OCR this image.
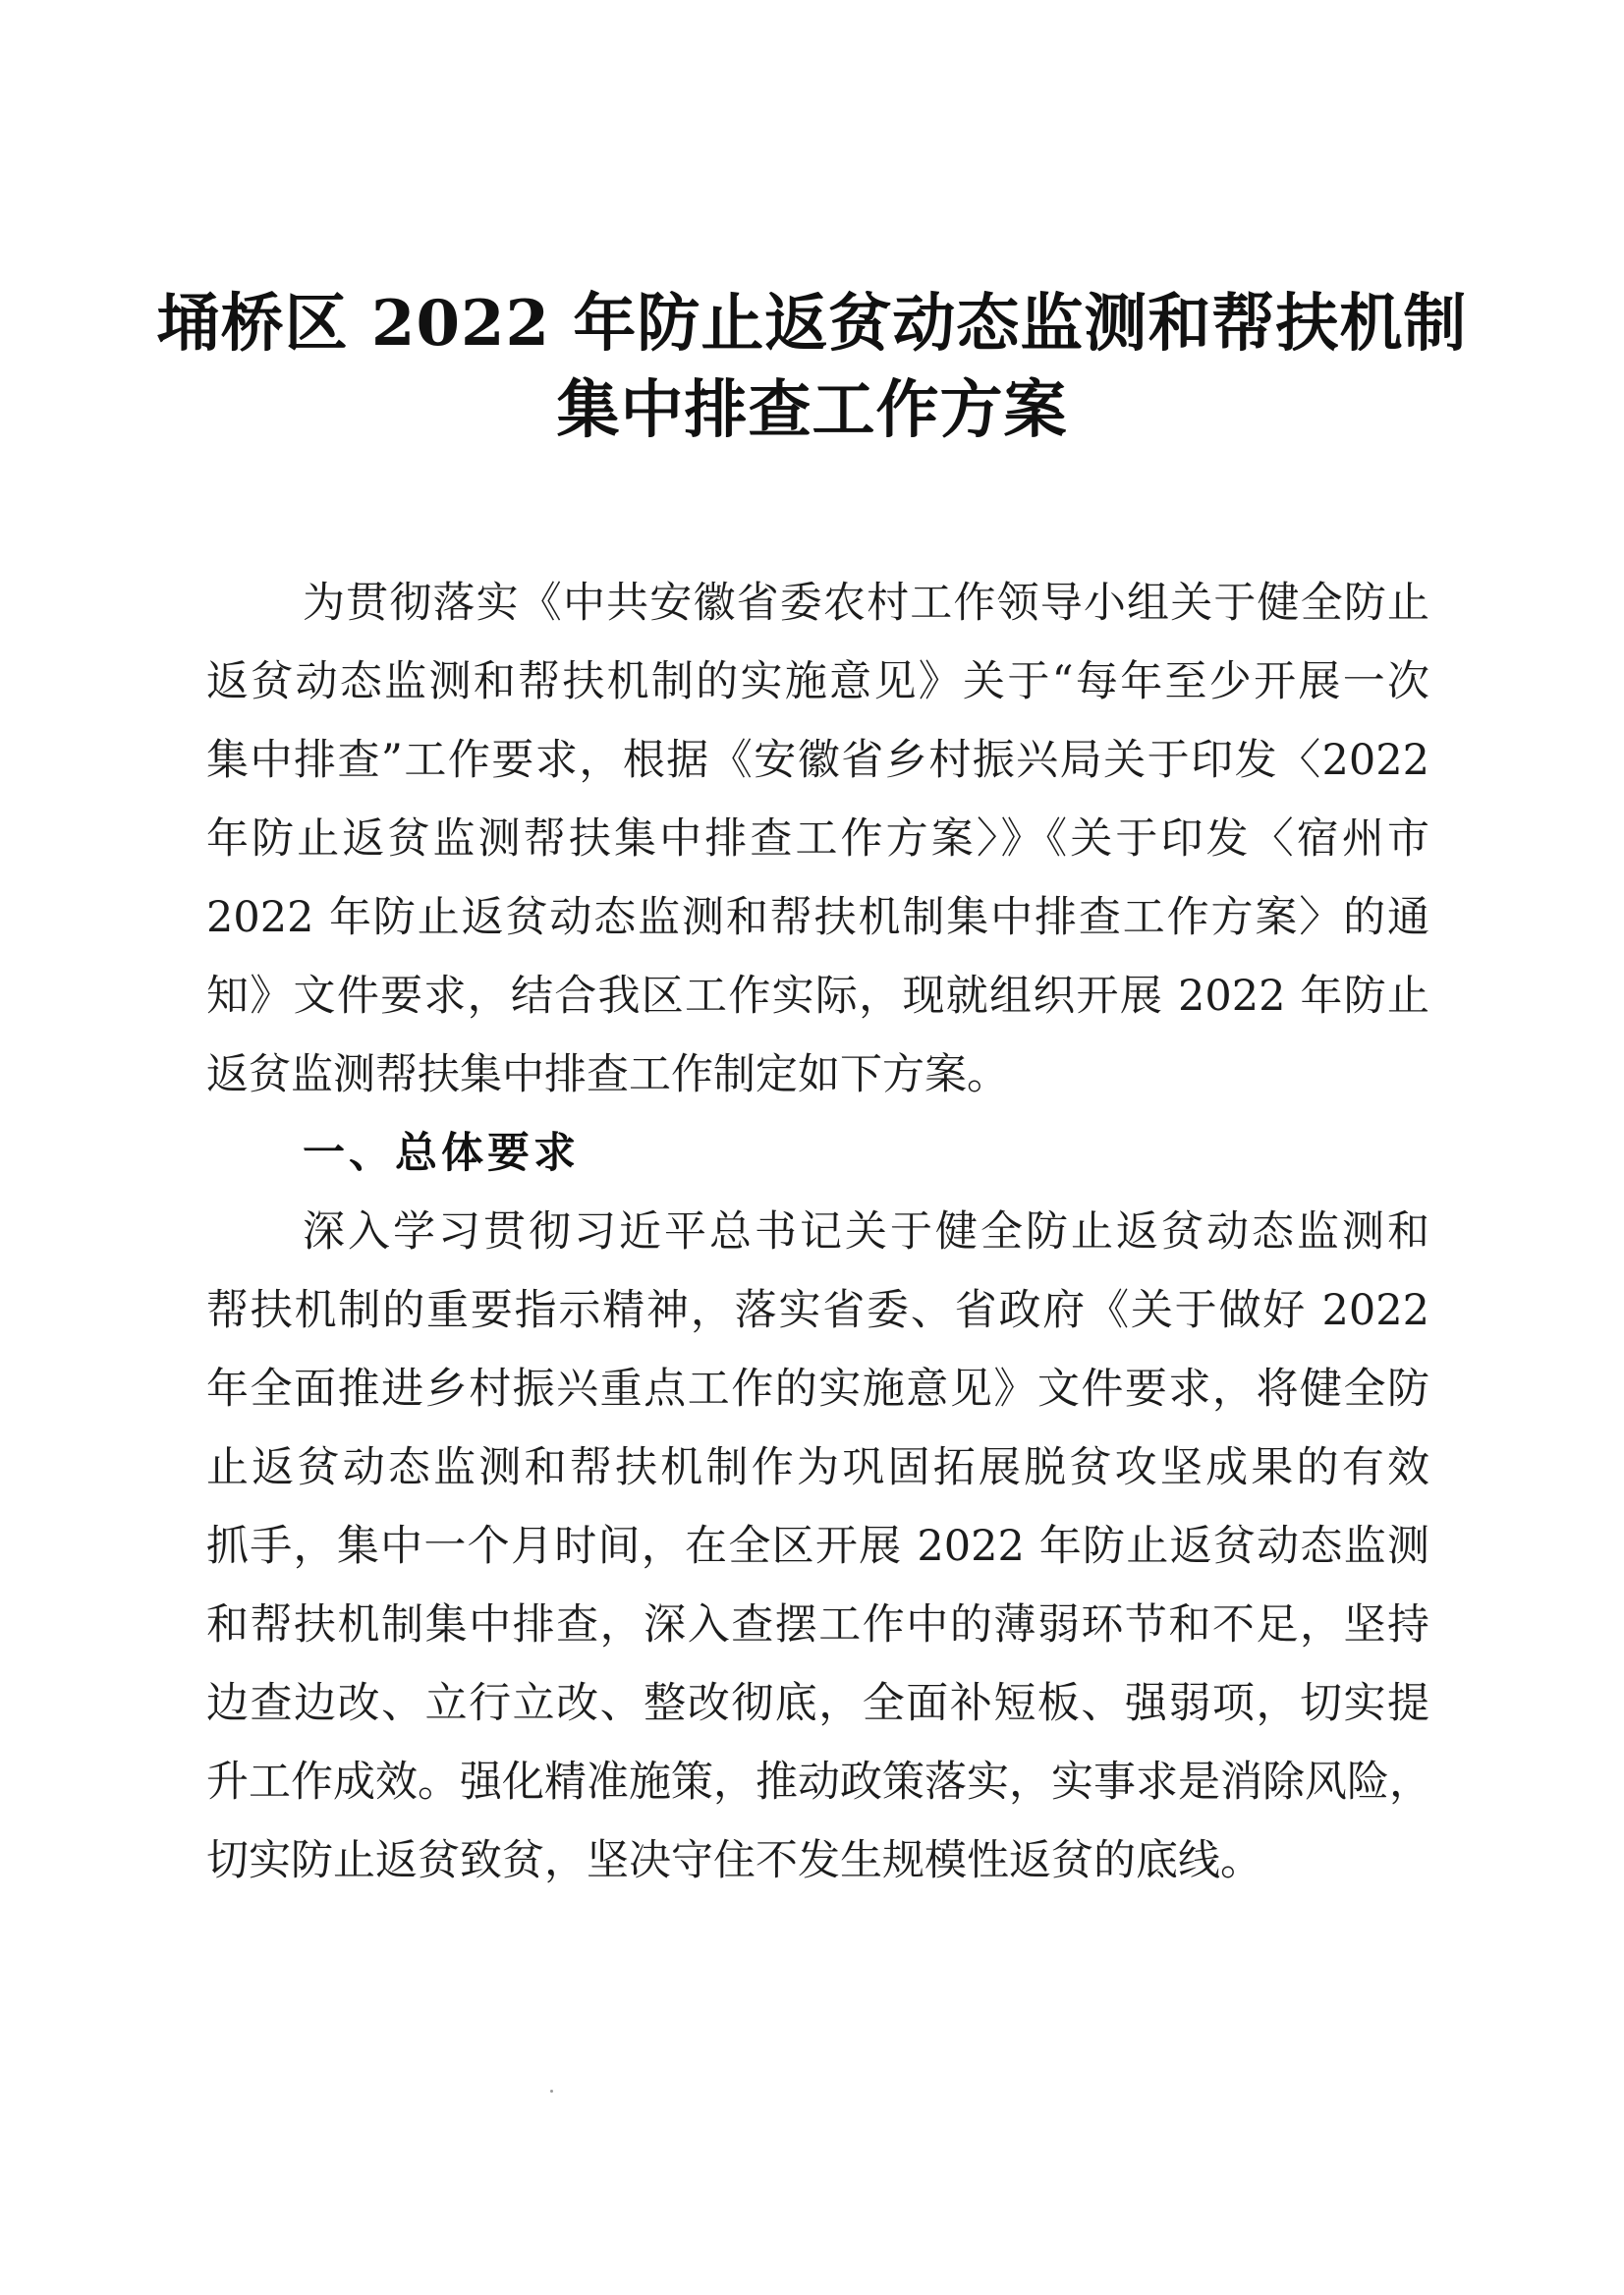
埇桥区 2022 年防止返贫动态监测和帮扶机制
集中排查工作方案
为贯彻落实《中共安徽省委农村工作领导小组关于健全防止
返贫动态监测和帮扶机制的实施意见》关于“每年至少开展一次
集中排查”工作要求，根据《安徽省乡村振兴局关于印发〈2022
年防止返贫监测帮扶集中排查工作方案〉》《关于印发〈宿州市
2022 年防止返贫动态监测和帮扶机制集中排查工作方案〉的通
知》文件要求，结合我区工作实际，现就组织开展 2022 年防止
返贫监测帮扶集中排查工作制定如下方案。
一、总体要求
深入学习贯彻习近平总书记关于健全防止返贫动态监测和
帮扶机制的重要指示精神，落实省委、省政府《关于做好 2022
年全面推进乡村振兴重点工作的实施意见》文件要求，将健全防
止返贫动态监测和帮扶机制作为巩固拓展脱贫攻坚成果的有效
抓手，集中一个月时间，在全区开展 2022 年防止返贫动态监测
和帮扶机制集中排查，深入查摆工作中的薄弱环节和不足，坚持
边查边改、立行立改、整改彻底，全面补短板、强弱项，切实提
升工作成效。强化精准施策，推动政策落实，实事求是消除风险，
切实防止返贫致贫，坚决守住不发生规模性返贫的底线。
